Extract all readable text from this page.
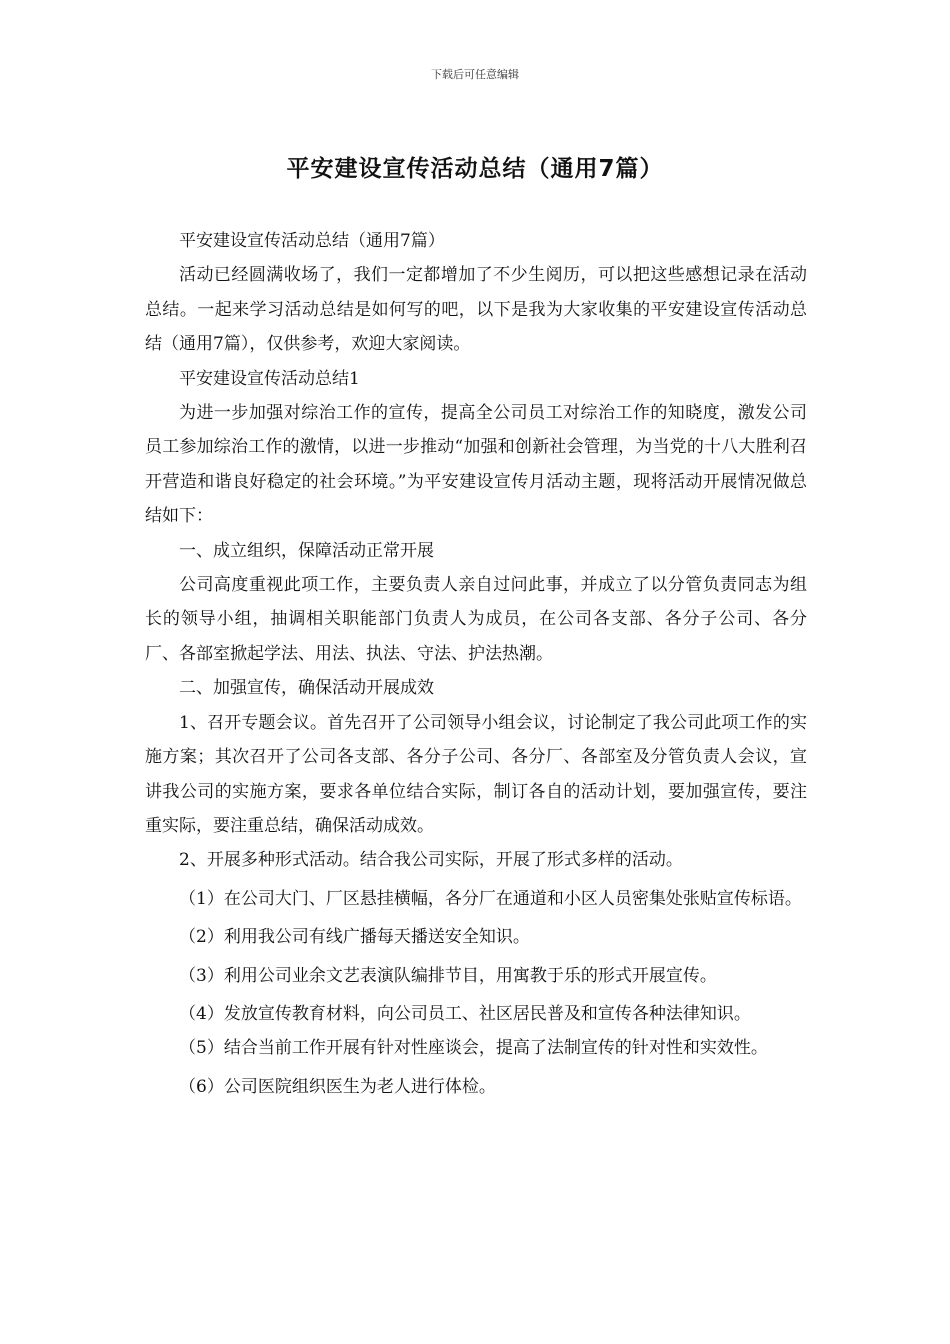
下载后可任意编辑
平安建设宣传活动总结（通用7篇）

平安建设宣传活动总结（通用7篇）

活动已经圆满收场了，我们一定都增加了不少生阅历，可以把这些感想记录在活动总结。一起来学习活动总结是如何写的吧，以下是我为大家收集的平安建设宣传活动总结（通用7篇），仅供参考，欢迎大家阅读。

平安建设宣传活动总结1

为进一步加强对综治工作的宣传，提高全公司员工对综治工作的知晓度，激发公司员工参加综治工作的激情，以进一步推动“加强和创新社会管理，为当党的十八大胜利召开营造和谐良好稳定的社会环境。”为平安建设宣传月活动主题，现将活动开展情况做总结如下：

一、成立组织，保障活动正常开展

公司高度重视此项工作，主要负责人亲自过问此事，并成立了以分管负责同志为组长的领导小组，抽调相关职能部门负责人为成员，在公司各支部、各分子公司、各分厂、各部室掀起学法、用法、执法、守法、护法热潮。

二、加强宣传，确保活动开展成效

1、召开专题会议。首先召开了公司领导小组会议，讨论制定了我公司此项工作的实施方案；其次召开了公司各支部、各分子公司、各分厂、各部室及分管负责人会议，宣讲我公司的实施方案，要求各单位结合实际，制订各自的活动计划，要加强宣传，要注重实际，要注重总结，确保活动成效。

2、开展多种形式活动。结合我公司实际，开展了形式多样的活动。

（1）在公司大门、厂区悬挂横幅，各分厂在通道和小区人员密集处张贴宣传标语。

（2）利用我公司有线广播每天播送安全知识。

（3）利用公司业余文艺表演队编排节目，用寓教于乐的形式开展宣传。

（4）发放宣传教育材料，向公司员工、社区居民普及和宣传各种法律知识。

（5）结合当前工作开展有针对性座谈会，提高了法制宣传的针对性和实效性。

（6）公司医院组织医生为老人进行体检。
